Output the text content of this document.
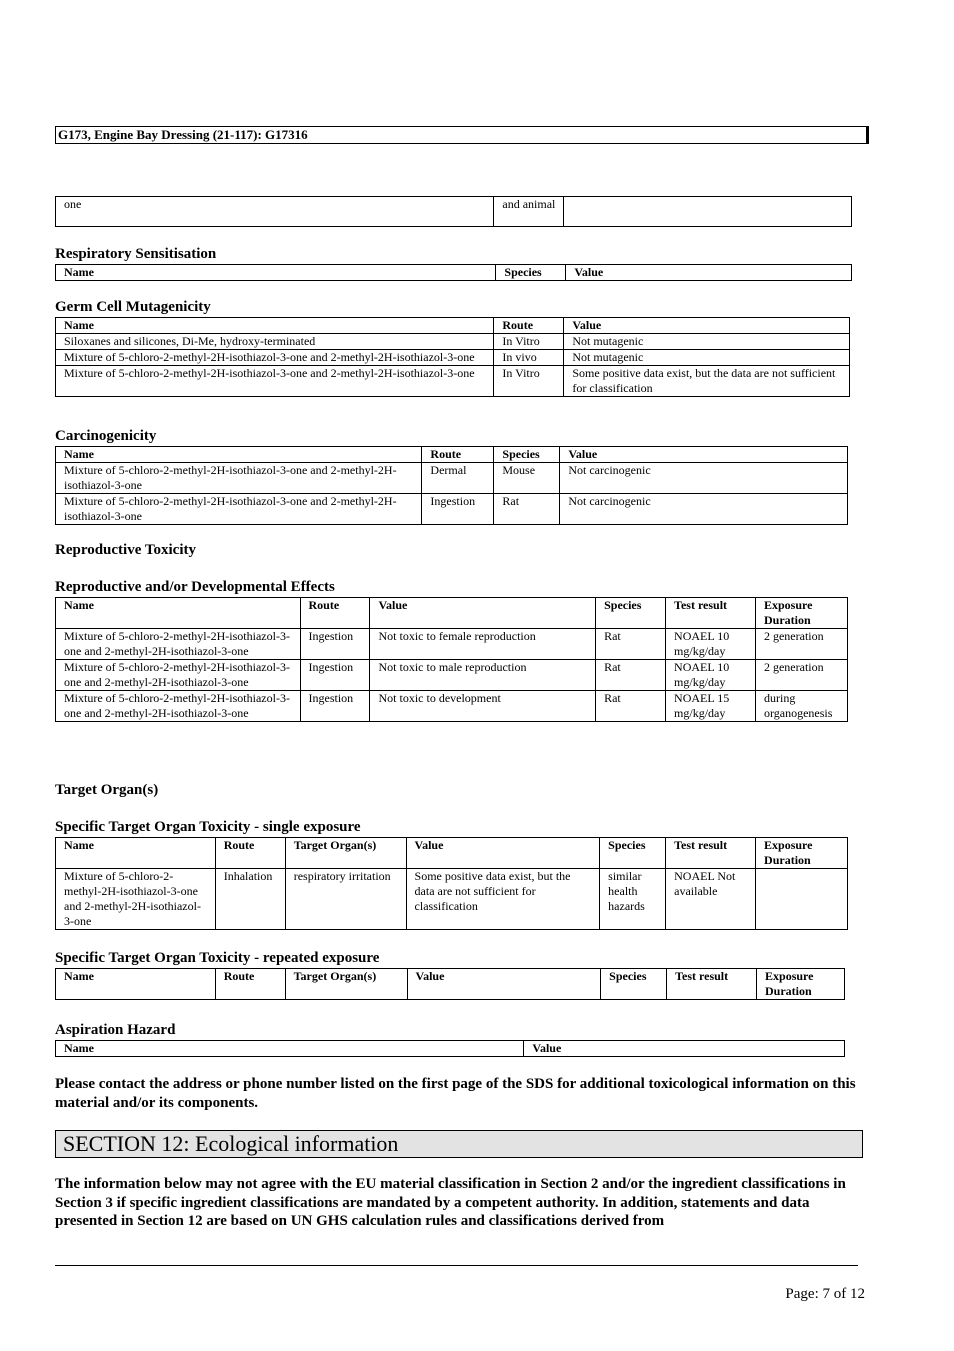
G173, Engine Bay Dressing (21-117): G17316
one	and animal	
Respiratory Sensitisation
Name	Species	Value
Germ Cell Mutagenicity
Name	Route	Value
Siloxanes and silicones, Di-Me, hydroxy-terminated	In Vitro	Not mutagenic
Mixture of 5-chloro-2-methyl-2H-isothiazol-3-one and 2-methyl-2H-isothiazol-3-one	In vivo	Not mutagenic
Mixture of 5-chloro-2-methyl-2H-isothiazol-3-one and 2-methyl-2H-isothiazol-3-one	In Vitro	Some positive data exist, but the data are not sufficient for classification
Carcinogenicity
Name	Route	Species	Value
Mixture of 5-chloro-2-methyl-2H-isothiazol-3-one and 2-methyl-2H-isothiazol-3-one	Dermal	Mouse	Not carcinogenic
Mixture of 5-chloro-2-methyl-2H-isothiazol-3-one and 2-methyl-2H-isothiazol-3-one	Ingestion	Rat	Not carcinogenic
Reproductive Toxicity
Reproductive and/or Developmental Effects
Name	Route	Value	Species	Test result	Exposure Duration
Mixture of 5-chloro-2-methyl-2H-isothiazol-3-one and 2-methyl-2H-isothiazol-3-one	Ingestion	Not toxic to female reproduction	Rat	NOAEL 10 mg/kg/day	2 generation
Mixture of 5-chloro-2-methyl-2H-isothiazol-3-one and 2-methyl-2H-isothiazol-3-one	Ingestion	Not toxic to male reproduction	Rat	NOAEL 10 mg/kg/day	2 generation
Mixture of 5-chloro-2-methyl-2H-isothiazol-3-one and 2-methyl-2H-isothiazol-3-one	Ingestion	Not toxic to development	Rat	NOAEL 15 mg/kg/day	during organogenesis
Target Organ(s)
Specific Target Organ Toxicity - single exposure
Name	Route	Target Organ(s)	Value	Species	Test result	Exposure Duration
Mixture of 5-chloro-2-methyl-2H-isothiazol-3-one and 2-methyl-2H-isothiazol-3-one	Inhalation	respiratory irritation	Some positive data exist, but the data are not sufficient for classification	similar health hazards	NOAEL Not available	
Specific Target Organ Toxicity - repeated exposure
Name	Route	Target Organ(s)	Value	Species	Test result	Exposure Duration
Aspiration Hazard
Name	Value
Please contact the address or phone number listed on the first page of the SDS for additional toxicological information on this material and/or its components.
SECTION 12: Ecological information
The information below may not agree with the EU material classification in Section 2 and/or the ingredient classifications in Section 3 if specific ingredient classifications are mandated by a competent authority. In addition, statements and data presented in Section 12 are based on UN GHS calculation rules and classifications derived from
Page: 7 of 12
